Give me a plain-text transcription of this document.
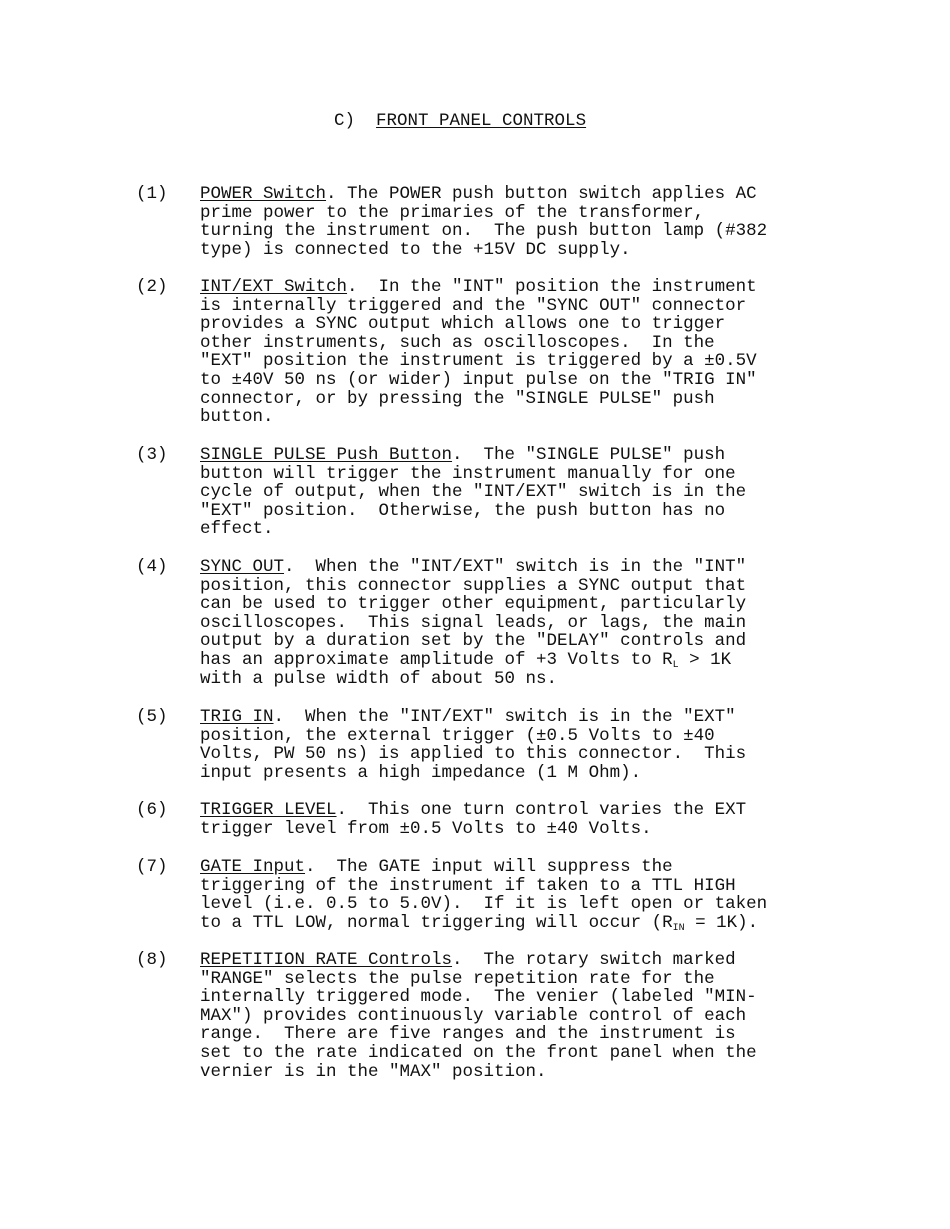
C) FRONT PANEL CONTROLS
(1) POWER Switch. The POWER push button switch applies AC
prime power to the primaries of the transformer,
turning the instrument on.  The push button lamp (#382
type) is connected to the +15V DC supply.
(2) INT/EXT Switch.  In the "INT" position the instrument
is internally triggered and the "SYNC OUT" connector
provides a SYNC output which allows one to trigger
other instruments, such as oscilloscopes.  In the
"EXT" position the instrument is triggered by a ±0.5V
to ±40V 50 ns (or wider) input pulse on the "TRIG IN"
connector, or by pressing the "SINGLE PULSE" push
button.
(3) SINGLE PULSE Push Button.  The "SINGLE PULSE" push
button will trigger the instrument manually for one
cycle of output, when the "INT/EXT" switch is in the
"EXT" position.  Otherwise, the push button has no
effect.
(4) SYNC OUT.  When the "INT/EXT" switch is in the "INT"
position, this connector supplies a SYNC output that
can be used to trigger other equipment, particularly
oscilloscopes.  This signal leads, or lags, the main
output by a duration set by the "DELAY" controls and
has an approximate amplitude of +3 Volts to $R_L > 1K$
with a pulse width of about 50 ns.
(5) TRIG IN.  When the "INT/EXT" switch is in the "EXT"
position, the external trigger (±0.5 Volts to ±40
Volts, PW 50 ns) is applied to this connector.  This
input presents a high impedance (1 M Ohm).
(6) TRIGGER LEVEL.  This one turn control varies the EXT
trigger level from ±0.5 Volts to ±40 Volts.
(7) GATE Input.  The GATE input will suppress the
triggering of the instrument if taken to a TTL HIGH
level (i.e. 0.5 to 5.0V).  If it is left open or taken
to a TTL LOW, normal triggering will occur $(R_{IN} = 1K)$.
(8) REPETITION RATE Controls.  The rotary switch marked
"RANGE" selects the pulse repetition rate for the
internally triggered mode.  The venier (labeled "MIN-
MAX") provides continuously variable control of each
range.  There are five ranges and the instrument is
set to the rate indicated on the front panel when the
vernier is in the "MAX" position.
